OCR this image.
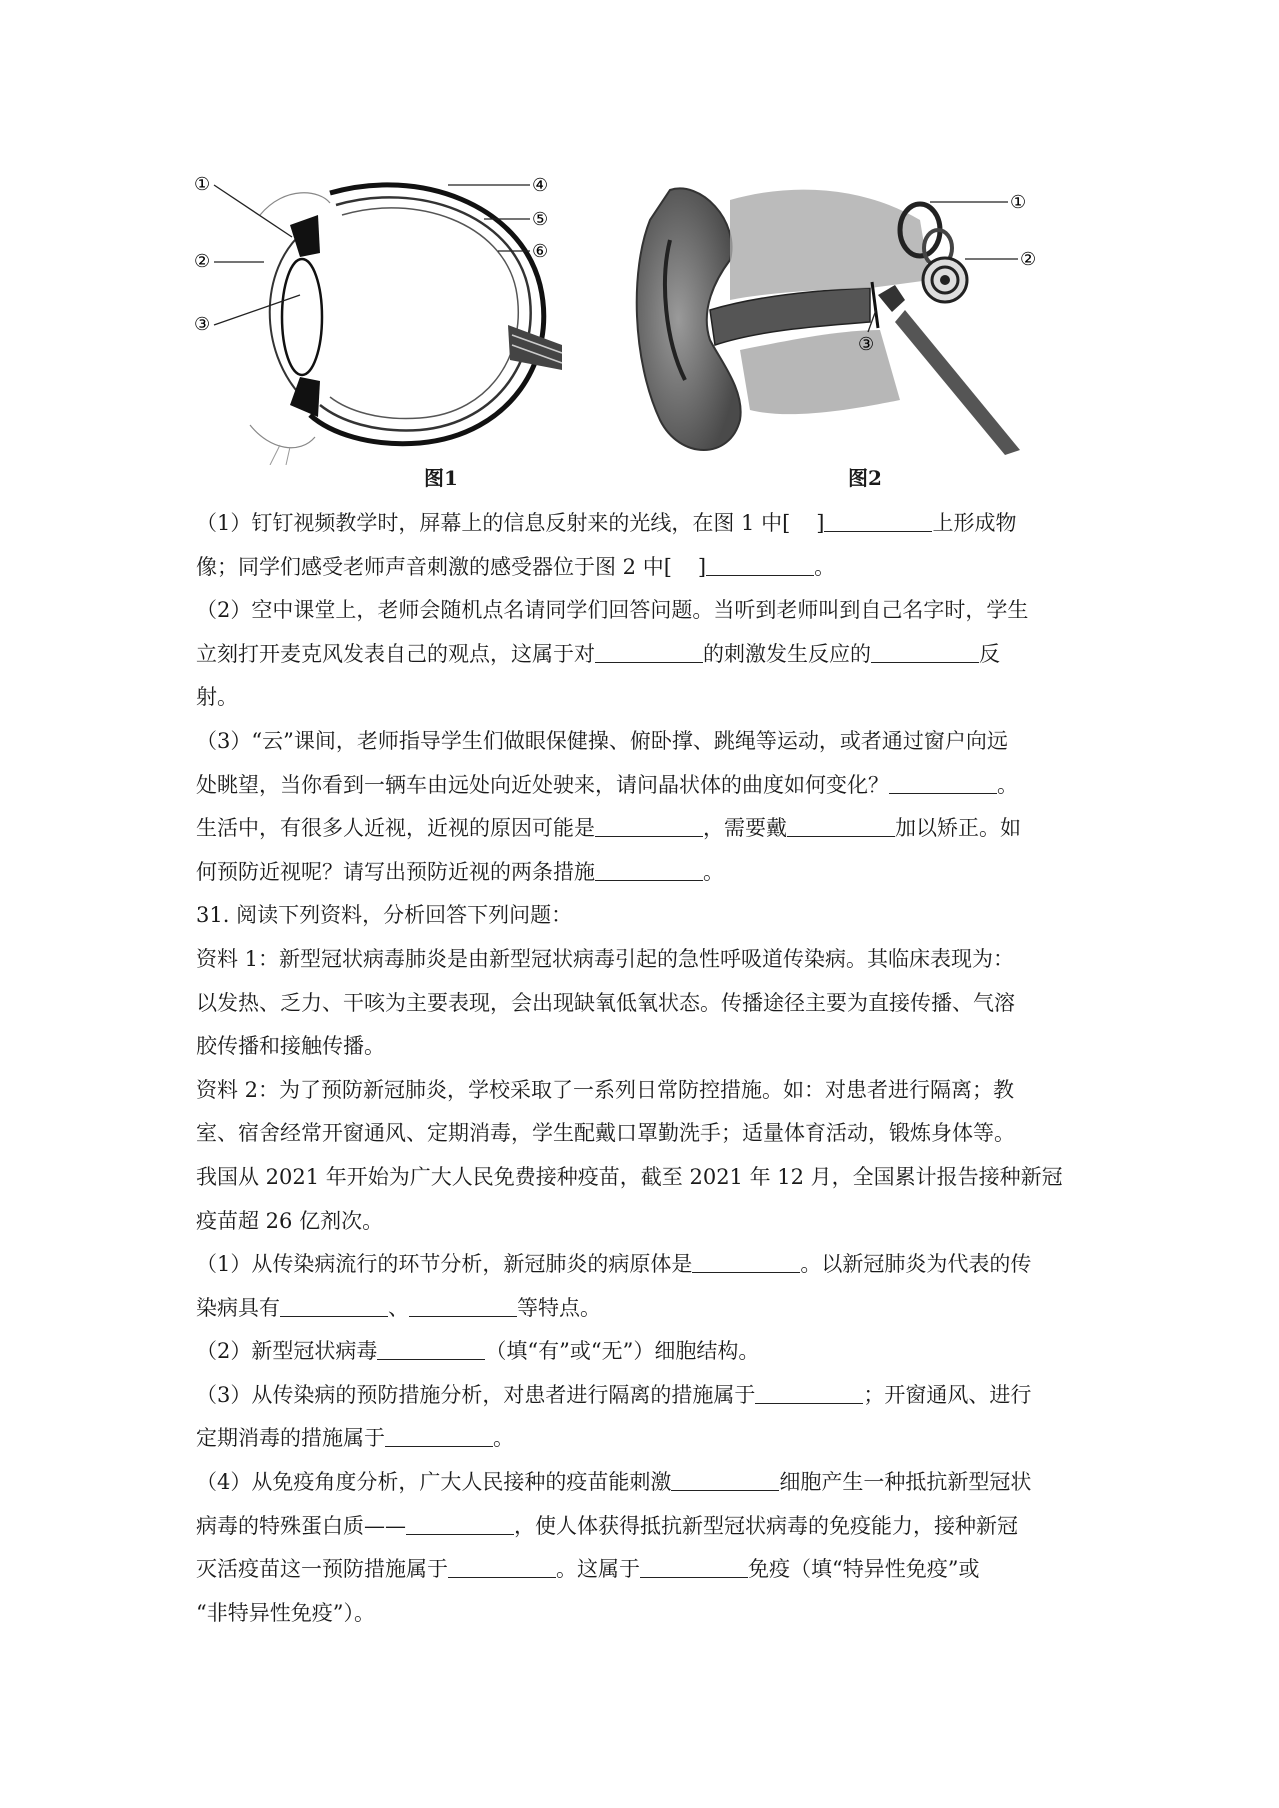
①
②
③
④
⑤
⑥
①
②
③
图1	图2
（1）钉钉视频教学时，屏幕上的信息反射来的光线，在图 1 中[ ]	上形成物
像；同学们感受老师声音刺激的感受器位于图 2 中[ ]	。
（2）空中课堂上，老师会随机点名请同学们回答问题。当听到老师叫到自己名字时，学生
立刻打开麦克风发表自己的观点，这属于对	的刺激发生反应的	反
射。
（3）“云”课间，老师指导学生们做眼保健操、俯卧撑、跳绳等运动，或者通过窗户向远
处眺望，当你看到一辆车由远处向近处驶来，请问晶状体的曲度如何变化？	。
生活中，有很多人近视，近视的原因可能是	，需要戴	加以矫正。如
何预防近视呢？请写出预防近视的两条措施	。
31. 阅读下列资料，分析回答下列问题：
资料 1：新型冠状病毒肺炎是由新型冠状病毒引起的急性呼吸道传染病。其临床表现为：
以发热、乏力、干咳为主要表现，会出现缺氧低氧状态。传播途径主要为直接传播、气溶
胶传播和接触传播。
资料 2：为了预防新冠肺炎，学校采取了一系列日常防控措施。如：对患者进行隔离；教
室、宿舍经常开窗通风、定期消毒，学生配戴口罩勤洗手；适量体育活动，锻炼身体等。
我国从 2021 年开始为广大人民免费接种疫苗，截至 2021 年 12 月，全国累计报告接种新冠
疫苗超 26 亿剂次。
（1）从传染病流行的环节分析，新冠肺炎的病原体是	。以新冠肺炎为代表的传
染病具有	、	等特点。
（2）新型冠状病毒	（填“有”或“无”）细胞结构。
（3）从传染病的预防措施分析，对患者进行隔离的措施属于	；开窗通风、进行
定期消毒的措施属于	。
（4）从免疫角度分析，广大人民接种的疫苗能刺激	细胞产生一种抵抗新型冠状
病毒的特殊蛋白质——	，使人体获得抵抗新型冠状病毒的免疫能力，接种新冠
灭活疫苗这一预防措施属于	。这属于	免疫（填“特异性免疫”或
“非特异性免疫”）。
